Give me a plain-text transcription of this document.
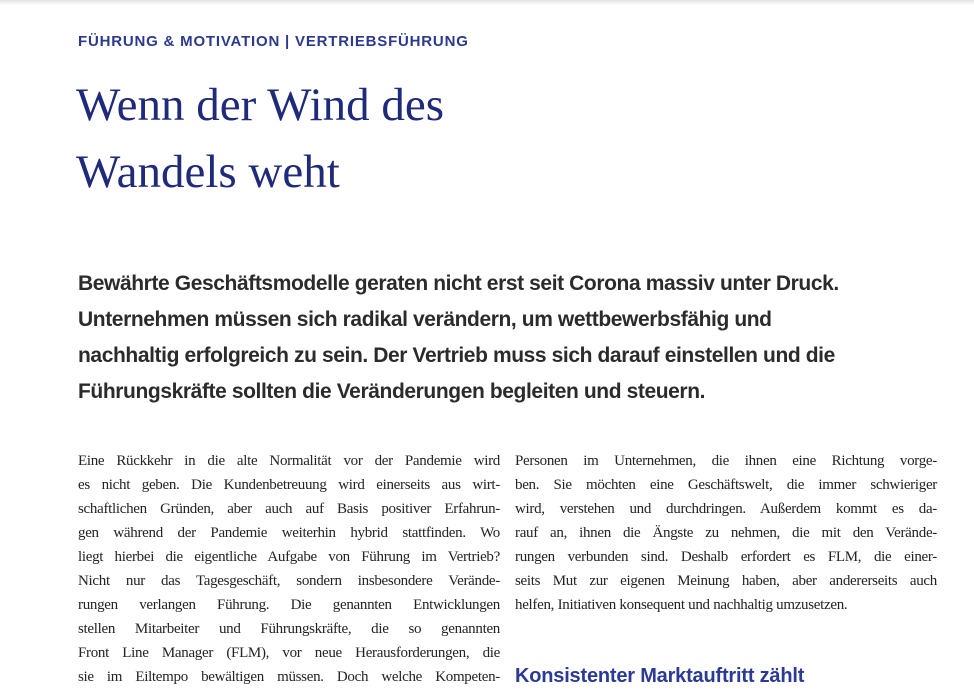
FÜHRUNG & MOTIVATION | VERTRIEBSFÜHRUNG
Wenn der Wind des
Wandels weht
Bewährte Geschäftsmodelle geraten nicht erst seit Corona massiv unter Druck.
Unternehmen müssen sich radikal verändern, um wettbewerbsfähig und
nachhaltig erfolgreich zu sein. Der Vertrieb muss sich darauf einstellen und die
Führungskräfte sollten die Veränderungen begleiten und steuern.
Eine Rückkehr in die alte Normalität vor der Pandemie wird
es nicht geben. Die Kundenbetreuung wird einerseits aus wirt-
schaftlichen Gründen, aber auch auf Basis positiver Erfahrun-
gen während der Pandemie weiterhin hybrid stattfinden. Wo
liegt hierbei die eigentliche Aufgabe von Führung im Vertrieb?
Nicht nur das Tagesgeschäft, sondern insbesondere Verände-
rungen verlangen Führung. Die genannten Entwicklungen
stellen Mitarbeiter und Führungskräfte, die so genannten
Front Line Manager (FLM), vor neue Herausforderungen, die
sie im Eiltempo bewältigen müssen. Doch welche Kompeten-
Personen im Unternehmen, die ihnen eine Richtung vorge-
ben. Sie möchten eine Geschäftswelt, die immer schwieriger
wird, verstehen und durchdringen. Außerdem kommt es da-
rauf an, ihnen die Ängste zu nehmen, die mit den Verände-
rungen verbunden sind. Deshalb erfordert es FLM, die einer-
seits Mut zur eigenen Meinung haben, aber andererseits auch
helfen, Initiativen konsequent und nachhaltig umzusetzen.
Konsistenter Marktauftritt zählt
